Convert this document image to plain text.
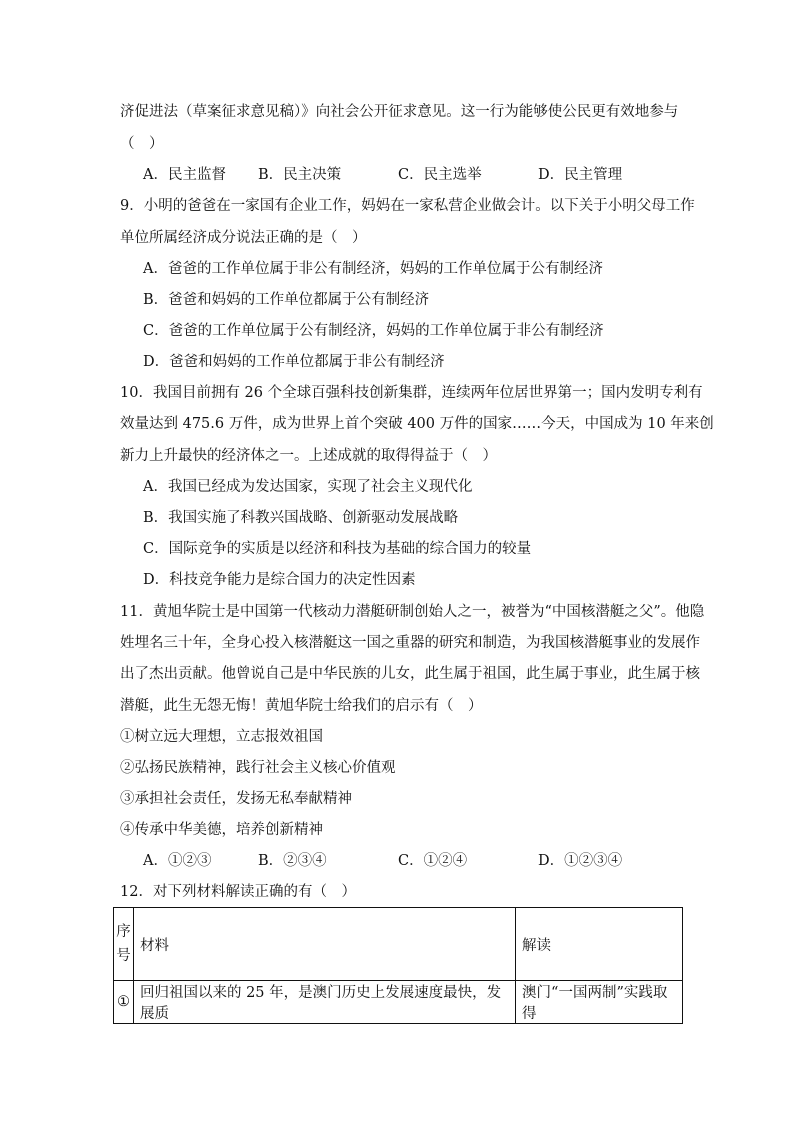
济促进法（草案征求意见稿）》向社会公开征求意见。这一行为能够使公民更有效地参与
（　）
A．民主监督 B．民主决策	C．民主选举	D．民主管理
9．小明的爸爸在一家国有企业工作，妈妈在一家私营企业做会计。以下关于小明父母工作
单位所属经济成分说法正确的是（　）
A．爸爸的工作单位属于非公有制经济，妈妈的工作单位属于公有制经济
B．爸爸和妈妈的工作单位都属于公有制经济
C．爸爸的工作单位属于公有制经济，妈妈的工作单位属于非公有制经济
D．爸爸和妈妈的工作单位都属于非公有制经济
10．我国目前拥有 26 个全球百强科技创新集群，连续两年位居世界第一；国内发明专利有
效量达到 475.6 万件，成为世界上首个突破 400 万件的国家……今天，中国成为 10 年来创
新力上升最快的经济体之一。上述成就的取得得益于（　）
A．我国已经成为发达国家，实现了社会主义现代化
B．我国实施了科教兴国战略、创新驱动发展战略
C．国际竞争的实质是以经济和科技为基础的综合国力的较量
D．科技竞争能力是综合国力的决定性因素
11．黄旭华院士是中国第一代核动力潜艇研制创始人之一，被誉为“中国核潜艇之父”。他隐
姓埋名三十年，全身心投入核潜艇这一国之重器的研究和制造，为我国核潜艇事业的发展作
出了杰出贡献。他曾说自己是中华民族的儿女，此生属于祖国，此生属于事业，此生属于核
潜艇，此生无怨无悔！黄旭华院士给我们的启示有（　）
①树立远大理想，立志报效祖国
②弘扬民族精神，践行社会主义核心价值观
③承担社会责任，发扬无私奉献精神
④传承中华美德，培养创新精神
A．①②③	B．②③④	C．①②④	D．①②③④
12．对下列材料解读正确的有（　）
序号	材料	解读
①	回归祖国以来的 25 年，是澳门历史上发展速度最快，发展质	澳门“一国两制”实践取得
